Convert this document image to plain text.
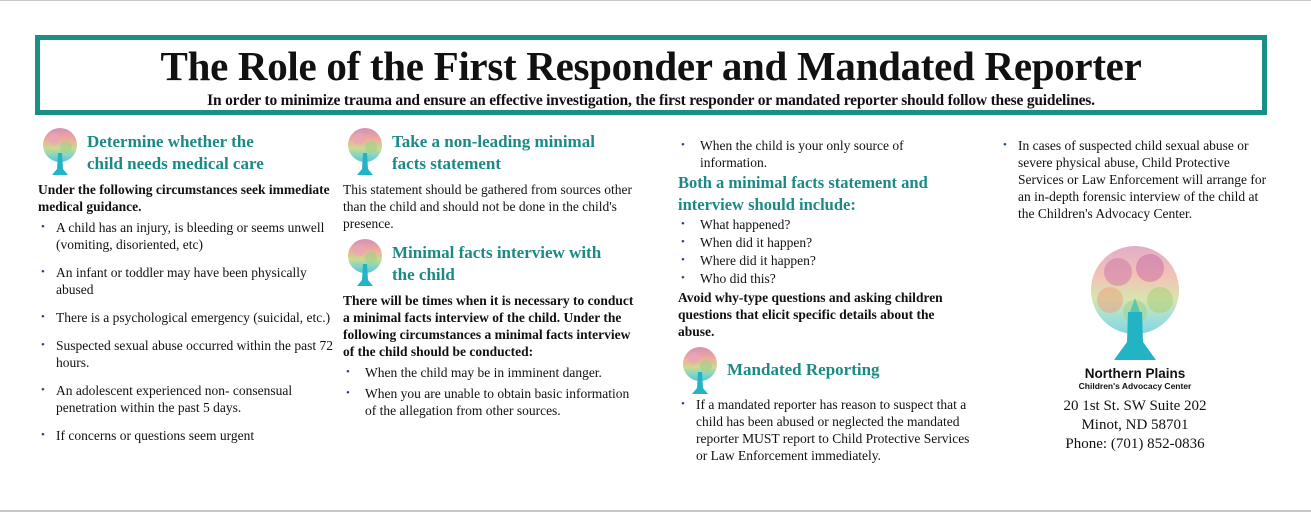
The Role of the First Responder and Mandated Reporter
In order to minimize trauma and ensure an effective investigation, the first responder or mandated reporter should follow these guidelines.
Determine whether the
child needs medical care
Under the following circumstances seek immediate medical guidance.
• A child has an injury, is bleeding or seems unwell (vomiting, disoriented, etc)
• An infant or toddler may have been physically abused
• There is a psychological emergency (suicidal, etc.)
• Suspected sexual abuse occurred within the past 72 hours.
• An adolescent experienced non- consensual penetration within the past 5 days.
• If concerns or questions seem urgent
Take a non-leading minimal
facts statement
This statement should be gathered from sources other than the child and should not be done in the child's presence.
Minimal facts interview with
the child
There will be times when it is necessary to conduct a minimal facts interview of the child. Under the following circumstances a minimal facts interview of the child should be conducted:
• When the child may be in imminent danger.
• When you are unable to obtain basic information of the allegation from other sources.
• When the child is your only source of information.
Both a minimal facts statement and interview should include:
• What happened?
• When did it happen?
• Where did it happen?
• Who did this?
Avoid why-type questions and asking children questions that elicit specific details about the abuse.
Mandated Reporting
• If a mandated reporter has reason to suspect that a child has been abused or neglected the mandated reporter MUST report to Child Protective Services or Law Enforcement immediately.
• In cases of suspected child sexual abuse or severe physical abuse, Child Protective Services or Law Enforcement will arrange for an in-depth forensic interview of the child at the Children's Advocacy Center.
Northern Plains
Children's Advocacy Center
20 1st St. SW Suite 202
Minot, ND 58701
Phone: (701) 852-0836
